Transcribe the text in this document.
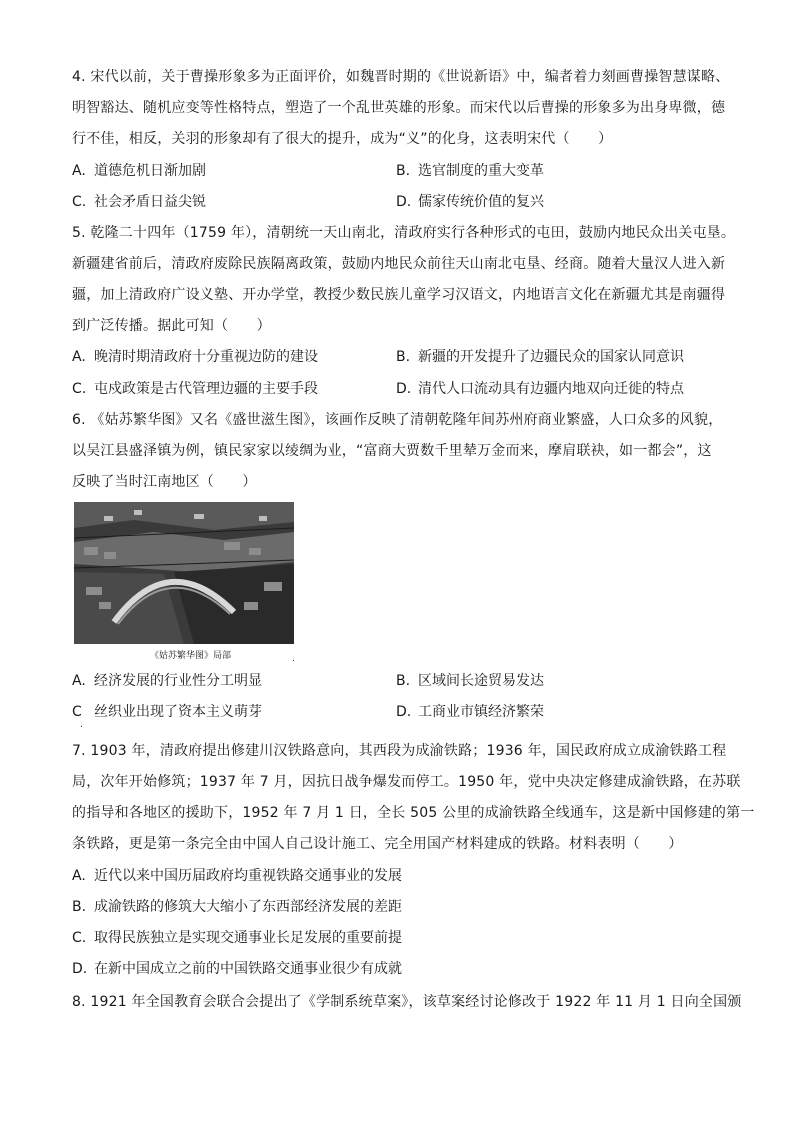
4. 宋代以前，关于曹操形象多为正面评价，如魏晋时期的《世说新语》中，编者着力刻画曹操智慧谋略、
明智豁达、随机应变等性格特点，塑造了一个乱世英雄的形象。而宋代以后曹操的形象多为出身卑微，德
行不佳，相反，关羽的形象却有了很大的提升，成为“义”的化身，这表明宋代（　　）
A. 道德危机日渐加剧	B. 选官制度的重大变革
C. 社会矛盾日益尖锐	D. 儒家传统价值的复兴
5. 乾隆二十四年（1759 年），清朝统一天山南北，清政府实行各种形式的屯田，鼓励内地民众出关屯垦。
新疆建省前后，清政府废除民族隔离政策，鼓励内地民众前往天山南北屯垦、经商。随着大量汉人进入新
疆，加上清政府广设义塾、开办学堂，教授少数民族儿童学习汉语文，内地语言文化在新疆尤其是南疆得
到广泛传播。据此可知（　　）
A. 晚清时期清政府十分重视边防的建设	B. 新疆的开发提升了边疆民众的国家认同意识
C. 屯戍政策是古代管理边疆的主要手段	D. 清代人口流动具有边疆内地双向迁徙的特点
6. 《姑苏繁华图》又名《盛世滋生图》，该画作反映了清朝乾隆年间苏州府商业繁盛，人口众多的风貌，
以吴江县盛泽镇为例，镇民家家以绫绸为业，“富商大贾数千里辇万金而来，摩肩联袂，如一都会”，这
反映了当时江南地区（　　）
《姑苏繁华图》局部	.
A. 经济发展的行业性分工明显	B. 区域间长途贸易发达
C 丝织业出现了资本主义萌芽	D. 工商业市镇经济繁荣
.
7. 1903 年，清政府提出修建川汉铁路意向，其西段为成渝铁路；1936 年，国民政府成立成渝铁路工程
局，次年开始修筑；1937 年 7 月，因抗日战争爆发而停工。1950 年，党中央决定修建成渝铁路，在苏联
的指导和各地区的援助下，1952 年 7 月 1 日，全长 505 公里的成渝铁路全线通车，这是新中国修建的第一
条铁路，更是第一条完全由中国人自己设计施工、完全用国产材料建成的铁路。材料表明（　　）
A. 近代以来中国历届政府均重视铁路交通事业的发展
B. 成渝铁路的修筑大大缩小了东西部经济发展的差距
C. 取得民族独立是实现交通事业长足发展的重要前提
D. 在新中国成立之前的中国铁路交通事业很少有成就
8. 1921 年全国教育会联合会提出了《学制系统草案》，该草案经讨论修改于 1922 年 11 月 1 日向全国颁
